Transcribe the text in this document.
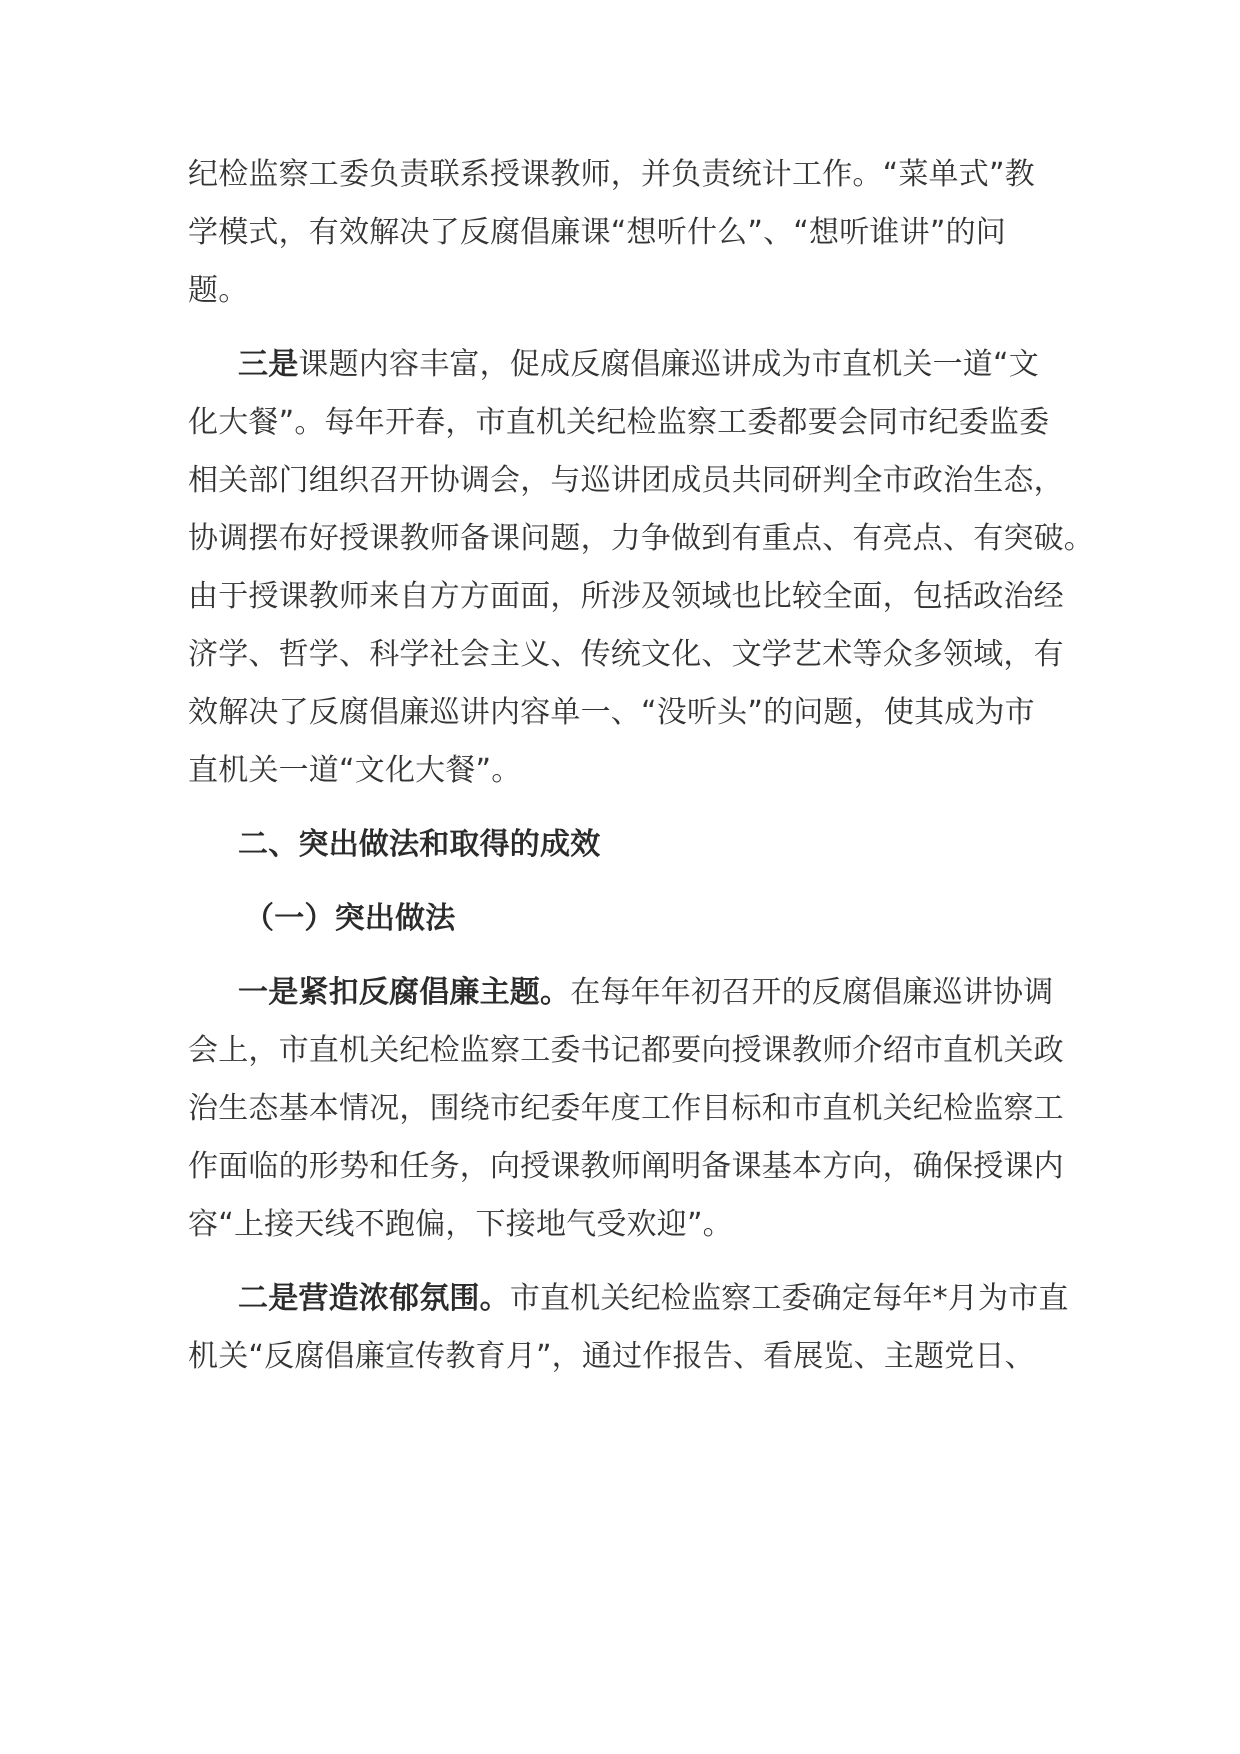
纪检监察工委负责联系授课教师，并负责统计工作。“菜单式”教
学模式，有效解决了反腐倡廉课“想听什么”、“想听谁讲”的问
题。
三是课题内容丰富，促成反腐倡廉巡讲成为市直机关一道“文
化大餐”。每年开春，市直机关纪检监察工委都要会同市纪委监委
相关部门组织召开协调会，与巡讲团成员共同研判全市政治生态，
协调摆布好授课教师备课问题，力争做到有重点、有亮点、有突破。
由于授课教师来自方方面面，所涉及领域也比较全面，包括政治经
济学、哲学、科学社会主义、传统文化、文学艺术等众多领域，有
效解决了反腐倡廉巡讲内容单一、“没听头”的问题，使其成为市
直机关一道“文化大餐”。
二、突出做法和取得的成效
（一）突出做法
一是紧扣反腐倡廉主题。在每年年初召开的反腐倡廉巡讲协调
会上，市直机关纪检监察工委书记都要向授课教师介绍市直机关政
治生态基本情况，围绕市纪委年度工作目标和市直机关纪检监察工
作面临的形势和任务，向授课教师阐明备课基本方向，确保授课内
容“上接天线不跑偏，下接地气受欢迎”。
二是营造浓郁氛围。市直机关纪检监察工委确定每年*月为市直
机关“反腐倡廉宣传教育月”，通过作报告、看展览、主题党日、
